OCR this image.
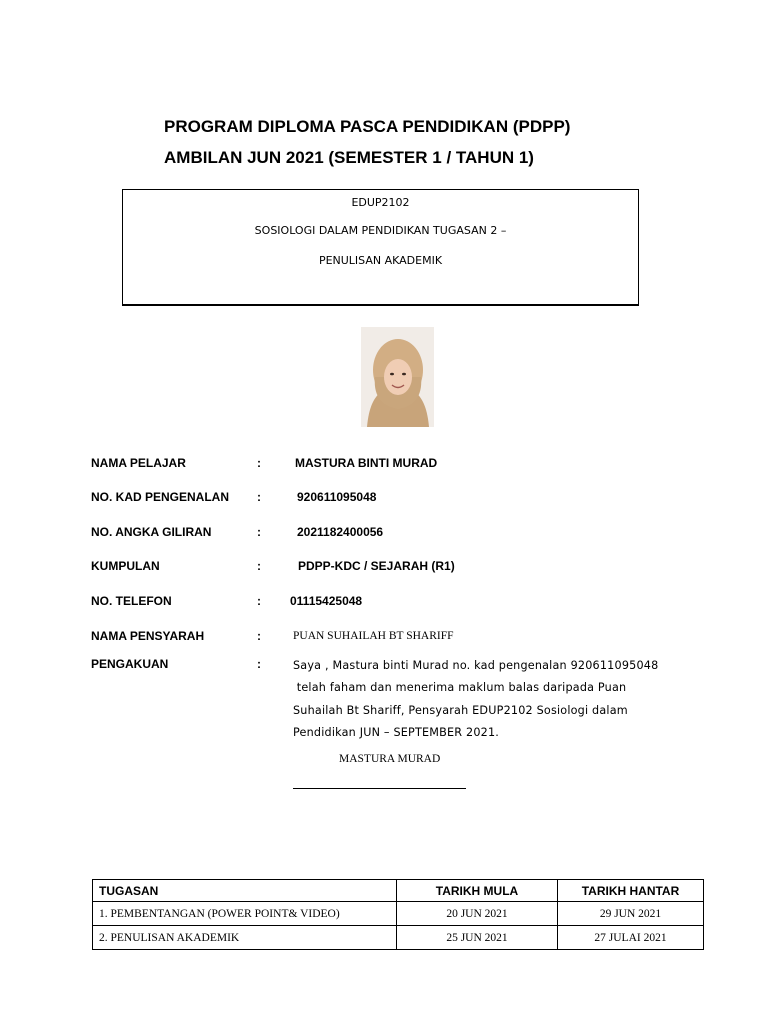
PROGRAM DIPLOMA PASCA PENDIDIKAN (PDPP)
AMBILAN JUN 2021 (SEMESTER 1 / TAHUN 1)
EDUP2102
SOSIOLOGI DALAM PENDIDIKAN TUGASAN 2 –
PENULISAN AKADEMIK
NAMA PELAJAR	:	MASTURA BINTI MURAD
NO. KAD PENGENALAN :	920611095048
NO. ANGKA GILIRAN	:	2021182400056
KUMPULAN	:	PDPP-KDC / SEJARAH (R1)
NO. TELEFON	: 01115425048
NAMA PENSYARAH	:	PUAN SUHAILAH BT SHARIFF
PENGAKUAN	:	Saya , Mastura binti Murad no. kad pengenalan 920611095048
telah faham dan menerima maklum balas daripada Puan
Suhailah Bt Shariff, Pensyarah EDUP2102 Sosiologi dalam
Pendidikan JUN – SEPTEMBER 2021.
MASTURA MURAD
TUGASAN	TARIKH MULA	TARIKH HANTAR
1. PEMBENTANGAN (POWER POINT& VIDEO)	20 JUN 2021	29 JUN 2021
2. PENULISAN AKADEMIK	25 JUN 2021	27 JULAI 2021
